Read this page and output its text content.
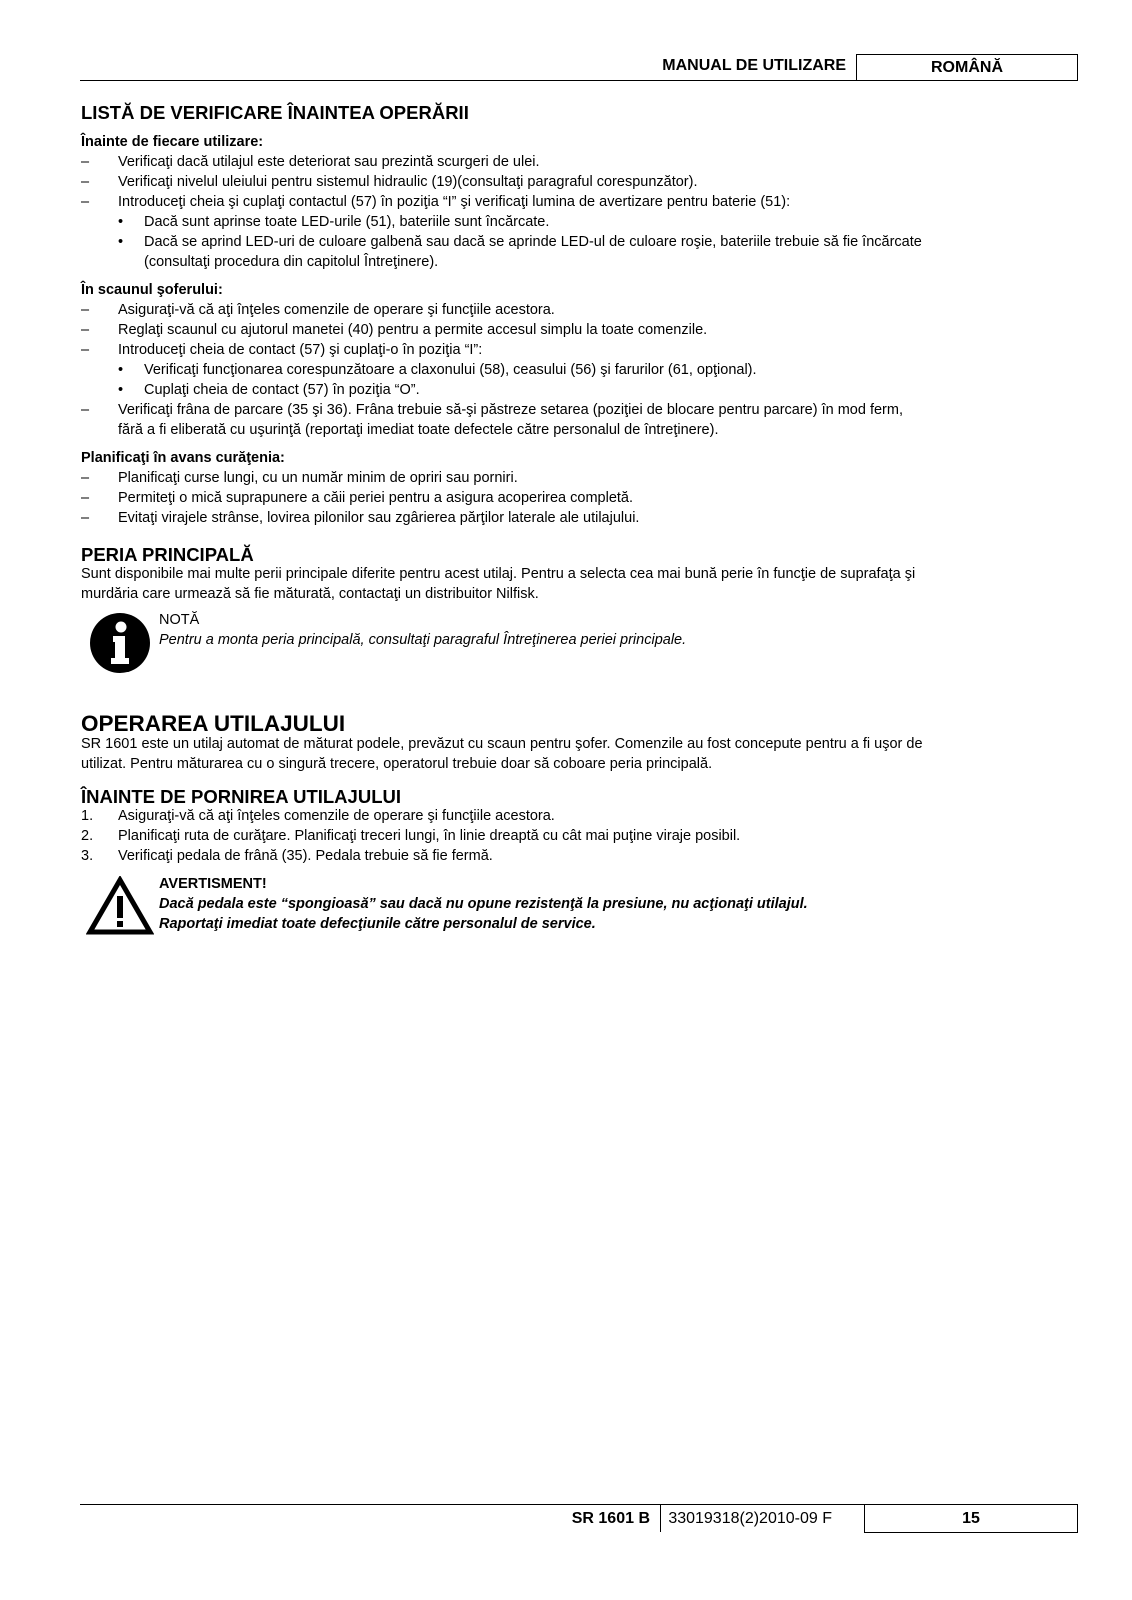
MANUAL DE UTILIZARE	ROMÂNĂ
LISTĂ DE VERIFICARE ÎNAINTEA OPERĂRII

Înainte de fiecare utilizare:

– Verificaţi dacă utilajul este deteriorat sau prezintă scurgeri de ulei.
– Verificaţi nivelul uleiului pentru sistemul hidraulic (19)(consultaţi paragraful corespunzător).
– Introduceţi cheia şi cuplaţi contactul (57) în poziţia “I” şi verificaţi lumina de avertizare pentru baterie (51):
• Dacă sunt aprinse toate LED-urile (51), bateriile sunt încărcate.
• Dacă se aprind LED-uri de culoare galbenă sau dacă se aprinde LED-ul de culoare roşie, bateriile trebuie să fie încărcate
(consultaţi procedura din capitolul Întreţinere).

În scaunul şoferului:

– Asiguraţi-vă că aţi înţeles comenzile de operare şi funcţiile acestora.
– Reglaţi scaunul cu ajutorul manetei (40) pentru a permite accesul simplu la toate comenzile.
– Introduceţi cheia de contact (57) şi cuplaţi-o în poziţia “I”:
• Verificaţi funcţionarea corespunzătoare a claxonului (58), ceasului (56) şi farurilor (61, opţional).
• Cuplaţi cheia de contact (57) în poziţia “O”.
– Verificaţi frâna de parcare (35 şi 36). Frâna trebuie să-şi păstreze setarea (poziţiei de blocare pentru parcare) în mod ferm,
fără a fi eliberată cu uşurinţă (reportaţi imediat toate defectele către personalul de întreţinere).

Planificaţi în avans curăţenia:

– Planificaţi curse lungi, cu un număr minim de opriri sau porniri.
– Permiteţi o mică suprapunere a căii periei pentru a asigura acoperirea completă.
– Evitaţi virajele strânse, lovirea pilonilor sau zgârierea părţilor laterale ale utilajului.
PERIA PRINCIPALĂ

Sunt disponibile mai multe perii principale diferite pentru acest utilaj. Pentru a selecta cea mai bună perie în funcţie de suprafaţa şi

murdăria care urmează să fie măturată, contactaţi un distribuitor Nilfisk.

NOTĂ
Pentru a monta peria principală, consultaţi paragraful Întreţinerea periei principale.
OPERAREA UTILAJULUI

SR 1601 este un utilaj automat de măturat podele, prevăzut cu scaun pentru şofer. Comenzile au fost concepute pentru a fi uşor de

utilizat. Pentru măturarea cu o singură trecere, operatorul trebuie doar să coboare peria principală.

ÎNAINTE DE PORNIREA UTILAJULUI
1. Asiguraţi-vă că aţi înţeles comenzile de operare şi funcţiile acestora.
2. Planificaţi ruta de curăţare. Planificaţi treceri lungi, în linie dreaptă cu cât mai puţine viraje posibil.
3. Verificaţi pedala de frână (35). Pedala trebuie să fie fermă.
AVERTISMENT!
Dacă pedala este “spongioasă” sau dacă nu opune rezistenţă la presiune, nu acţionaţi utilajul.
Raportaţi imediat toate defecţiunile către personalul de service.
SR 1601 B	33019318(2)2010-09 F	15
